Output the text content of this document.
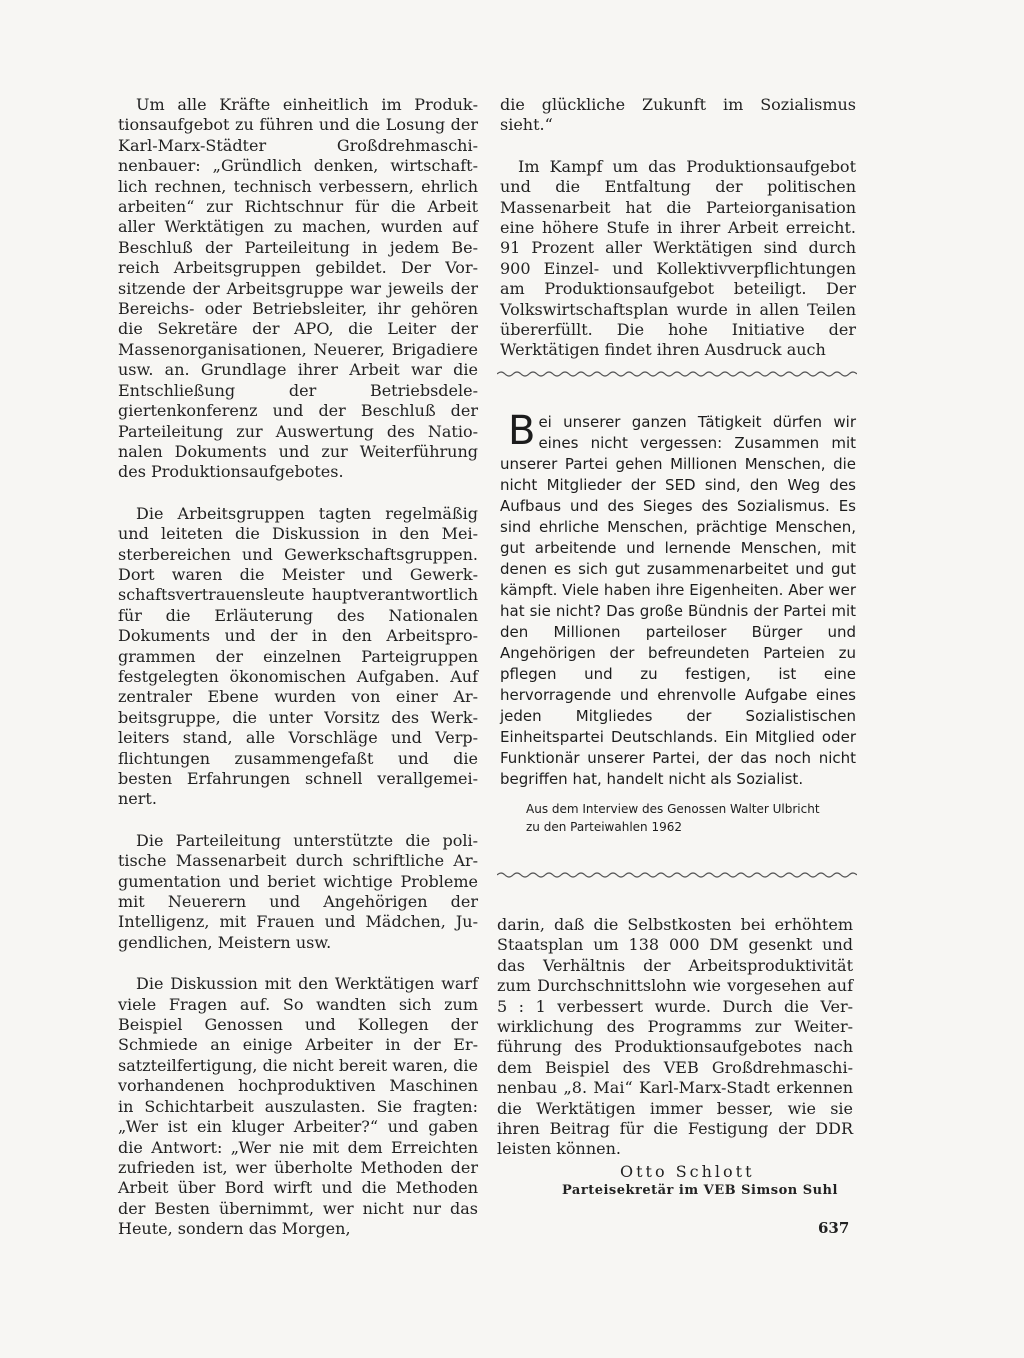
Um alle Kräfte einheitlich im Produktionsaufgebot zu führen und die Losung der Karl-Marx-Städter Großdrehmaschinenbauer: „Gründlich denken, wirtschaftlich rechnen, technisch verbessern, ehrlich arbeiten“ zur Richtschnur für die Arbeit aller Werktätigen zu machen, wurden auf Beschluß der Parteileitung in jedem Bereich Arbeitsgruppen gebildet. Der Vorsitzende der Arbeitsgruppe war jeweils der Bereichs- oder Betriebsleiter, ihr gehören die Sekretäre der APO, die Leiter der Massenorganisationen, Neuerer, Brigadiere usw. an. Grundlage ihrer Arbeit war die Entschließung der Betriebsdelegiertenkonferenz und der Beschluß der Parteileitung zur Auswertung des Nationalen Dokuments und zur Weiterführung des Produktionsaufgebotes.

Die Arbeitsgruppen tagten regelmäßig und leiteten die Diskussion in den Meisterbereichen und Gewerkschaftsgruppen. Dort waren die Meister und Gewerkschaftsvertrauensleute hauptverantwortlich für die Erläuterung des Nationalen Dokuments und der in den Arbeitsprogrammen der einzelnen Parteigruppen festgelegten ökonomischen Aufgaben. Auf zentraler Ebene wurden von einer Arbeitsgruppe, die unter Vorsitz des Werkleiters stand, alle Vorschläge und Verpflichtungen zusammengefaßt und die besten Erfahrungen schnell verallgemeinert.

Die Parteileitung unterstützte die politische Massenarbeit durch schriftliche Argumentation und beriet wichtige Probleme mit Neuerern und Angehörigen der Intelligenz, mit Frauen und Mädchen, Jugendlichen, Meistern usw.

Die Diskussion mit den Werktätigen warf viele Fragen auf. So wandten sich zum Beispiel Genossen und Kollegen der Schmiede an einige Arbeiter in der Ersatzteilfertigung, die nicht bereit waren, die vorhandenen hochproduktiven Maschinen in Schichtarbeit auszulasten. Sie fragten: „Wer ist ein kluger Arbeiter?“ und gaben die Antwort: „Wer nie mit dem Erreichten zufrieden ist, wer überholte Methoden der Arbeit über Bord wirft und die Methoden der Besten übernimmt, wer nicht nur das Heute, sondern das Morgen,

die glückliche Zukunft im Sozialismus sieht.“

Im Kampf um das Produktionsaufgebot und die Entfaltung der politischen Massenarbeit hat die Parteiorganisation eine höhere Stufe in ihrer Arbeit erreicht. 91 Prozent aller Werktätigen sind durch 900 Einzel- und Kollektivverpflichtungen am Produktionsaufgebot beteiligt. Der Volkswirtschaftsplan wurde in allen Teilen übererfüllt. Die hohe Initiative der Werktätigen findet ihren Ausdruck auch

Bei unserer ganzen Tätigkeit dürfen wir eines nicht vergessen: Zusammen mit unserer Partei gehen Millionen Menschen, die nicht Mitglieder der SED sind, den Weg des Aufbaus und des Sieges des Sozialismus. Es sind ehrliche Menschen, prächtige Menschen, gut arbeitende und lernende Menschen, mit denen es sich gut zusammenarbeitet und gut kämpft. Viele haben ihre Eigenheiten. Aber wer hat sie nicht? Das große Bündnis der Partei mit den Millionen parteiloser Bürger und Angehörigen der befreundeten Parteien zu pflegen und zu festigen, ist eine hervorragende und ehrenvolle Aufgabe eines jeden Mitgliedes der Sozialistischen Einheitspartei Deutschlands. Ein Mitglied oder Funktionär unserer Partei, der das noch nicht begriffen hat, handelt nicht als Sozialist.

Aus dem Interview des Genossen Walter Ulbricht
zu den Parteiwahlen 1962

darin, daß die Selbstkosten bei erhöhtem Staatsplan um 138 000 DM gesenkt und das Verhältnis der Arbeitsproduktivität zum Durchschnittslohn wie vorgesehen auf 5 : 1 verbessert wurde. Durch die Verwirklichung des Programms zur Weiterführung des Produktionsaufgebotes nach dem Beispiel des VEB Großdrehmaschinenbau „8. Mai“ Karl-Marx-Stadt erkennen die Werktätigen immer besser, wie sie ihren Beitrag für die Festigung der DDR leisten können.

Otto Schlott
Parteisekretär im VEB Simson Suhl
637
